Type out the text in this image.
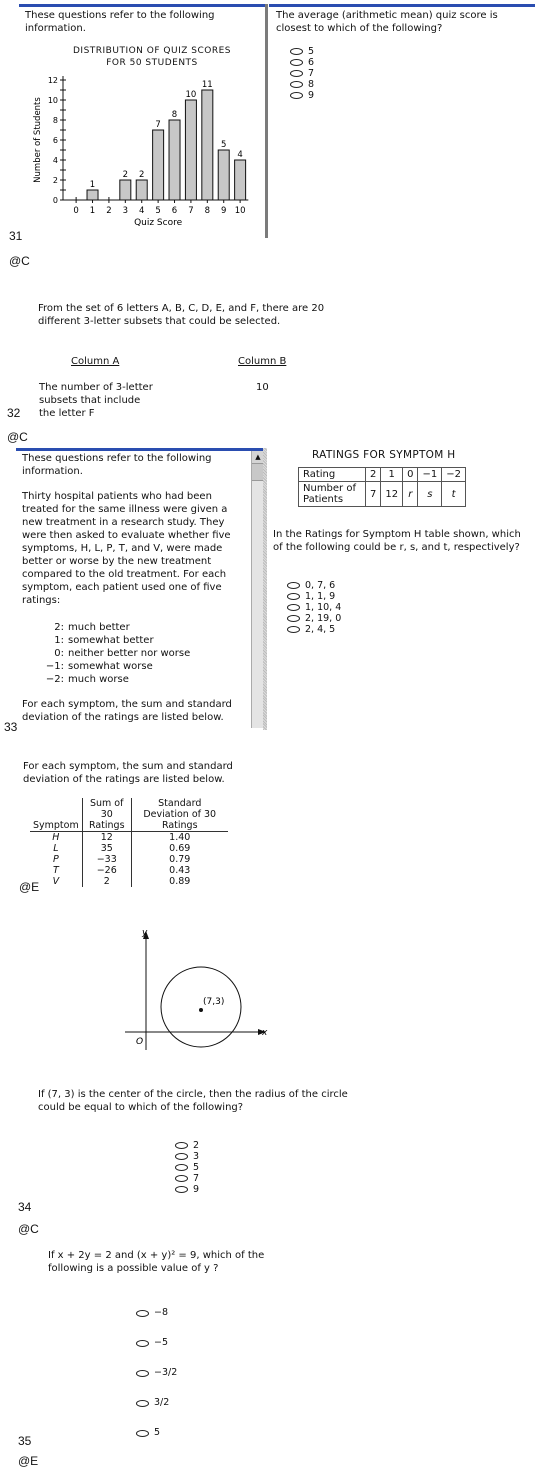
These questions refer to the following information.
DISTRIBUTION OF QUIZ SCORES
FOR 50 STUDENTS
0
2
4
6
8
10
12
0 1
1
2 3
2
4
2
5
7
6
8
7
10
8
11
9
5
10
4
Quiz Score
Number of Students
The average (arithmetic mean) quiz score is closest to which of the following?
5
6
7
8
9
31
@C
From the set of 6 letters A, B, C, D, E, and F, there are 20 different 3-letter subsets that could be selected.
Column A	Column B
The number of 3-letter subsets that include the letter F
10
32
@C
▲
These questions refer to the following information.
Thirty hospital patients who had been treated for the same illness were given a new treatment in a research study. They were then asked to evaluate whether five symptoms, H, L, P, T, and V, were made better or worse by the new treatment compared to the old treatment. For each symptom, each patient used one of five ratings:
2: much better
1: somewhat better
0: neither better nor worse
−1: somewhat worse
−2: much worse
For each symptom, the sum and standard deviation of the ratings are listed below.
33
RATINGS FOR SYMPTOM H
Rating	2	1	0	−1	−2
Number of Patients	7	12	r	s	t
In the Ratings for Symptom H table shown, which of the following could be r, s, and t, respectively?
0, 7, 6
1, 1, 9
1, 10, 4
2, 19, 0
2, 4, 5
For each symptom, the sum and standard deviation of the ratings are listed below.
Symptom	Sum of 30 Ratings	Standard Deviation of 30 Ratings
H	12	1.40
L	35	0.69
P	−33	0.79
T	−26	0.43
V	2	0.89
@E
y
x
O
(7,3)
If (7, 3) is the center of the circle, then the radius of the circle could be equal to which of the following?
2
3
5
7
9
34
@C
If x + 2y = 2 and (x + y)² = 9, which of the following is a possible value of y ?
−8
−5
−3/2
3/2
5
35
@E
